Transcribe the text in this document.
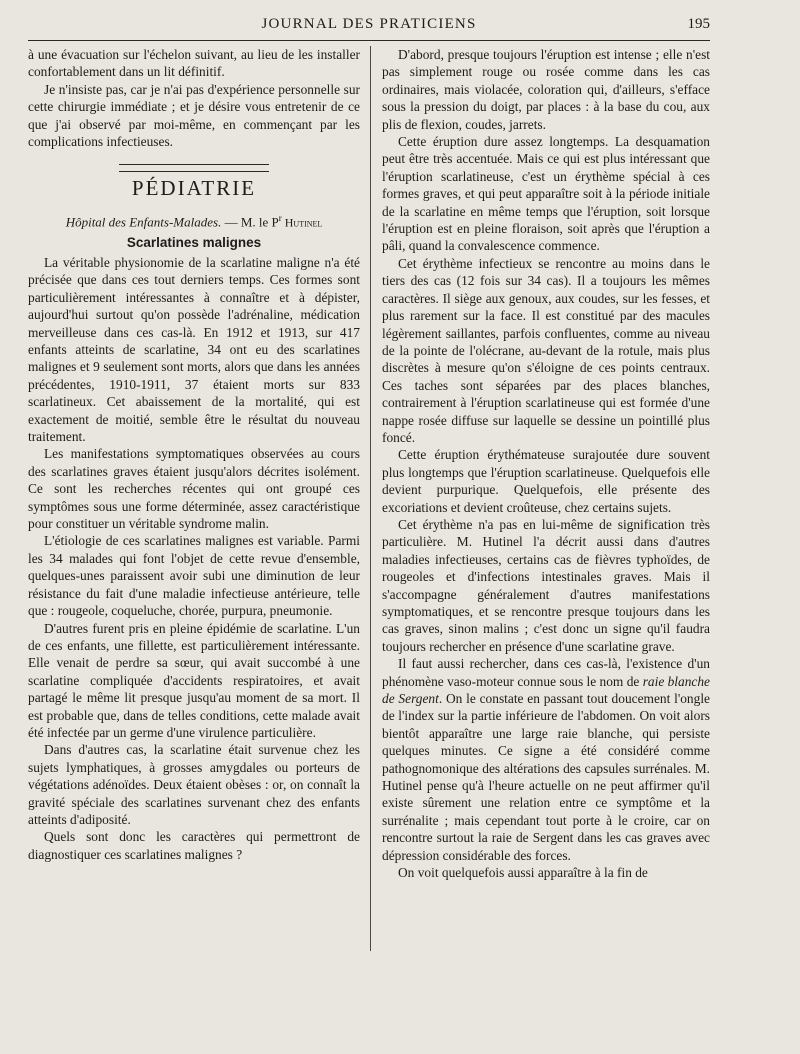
JOURNAL DES PRATICIENS	195

à une évacuation sur l'échelon suivant, au lieu de les installer confortablement dans un lit définitif.

Je n'insiste pas, car je n'ai pas d'expérience personnelle sur cette chirurgie immédiate ; et je désire vous entretenir de ce que j'ai observé par moi-même, en commençant par les complications infectieuses.

PÉDIATRIE
Hôpital des Enfants-Malades. — M. le $P^r$ Hutinel
Scarlatines malignes

La véritable physionomie de la scarlatine maligne n'a été précisée que dans ces tout derniers temps. Ces formes sont particulièrement intéressantes à connaître et à dépister, aujourd'hui surtout qu'on possède l'adrénaline, médication merveilleuse dans ces cas-là. En 1912 et 1913, sur 417 enfants atteints de scarlatine, 34 ont eu des scarlatines malignes et 9 seulement sont morts, alors que dans les années précédentes, 1910-1911, 37 étaient morts sur 833 scarlatineux. Cet abaissement de la mortalité, qui est exactement de moitié, semble être le résultat du nouveau traitement.

Les manifestations symptomatiques observées au cours des scarlatines graves étaient jusqu'alors décrites isolément. Ce sont les recherches récentes qui ont groupé ces symptômes sous une forme déterminée, assez caractéristique pour constituer un véritable syndrome malin.

L'étiologie de ces scarlatines malignes est variable. Parmi les 34 malades qui font l'objet de cette revue d'ensemble, quelques-unes paraissent avoir subi une diminution de leur résistance du fait d'une maladie infectieuse antérieure, telle que : rougeole, coqueluche, chorée, purpura, pneumonie.

D'autres furent pris en pleine épidémie de scarlatine. L'un de ces enfants, une fillette, est particulièrement intéressante. Elle venait de perdre sa sœur, qui avait succombé à une scarlatine compliquée d'accidents respiratoires, et avait partagé le même lit presque jusqu'au moment de sa mort. Il est probable que, dans de telles conditions, cette malade avait été infectée par un germe d'une virulence particulière.

Dans d'autres cas, la scarlatine était survenue chez les sujets lymphatiques, à grosses amygdales ou porteurs de végétations adénoïdes. Deux étaient obèses : or, on connaît la gravité spéciale des scarlatines survenant chez des enfants atteints d'adiposité.

Quels sont donc les caractères qui permettront de diagnostiquer ces scarlatines malignes ?

D'abord, presque toujours l'éruption est intense ; elle n'est pas simplement rouge ou rosée comme dans les cas ordinaires, mais violacée, coloration qui, d'ailleurs, s'efface sous la pression du doigt, par places : à la base du cou, aux plis de flexion, coudes, jarrets.

Cette éruption dure assez longtemps. La desquamation peut être très accentuée. Mais ce qui est plus intéressant que l'éruption scarlatineuse, c'est un érythème spécial à ces formes graves, et qui peut apparaître soit à la période initiale de la scarlatine en même temps que l'éruption, soit lorsque l'éruption est en pleine floraison, soit après que l'éruption a pâli, quand la convalescence commence.

Cet érythème infectieux se rencontre au moins dans le tiers des cas (12 fois sur 34 cas). Il a toujours les mêmes caractères. Il siège aux genoux, aux coudes, sur les fesses, et plus rarement sur la face. Il est constitué par des macules légèrement saillantes, parfois confluentes, comme au niveau de la pointe de l'olécrane, au-devant de la rotule, mais plus discrètes à mesure qu'on s'éloigne de ces points centraux. Ces taches sont séparées par des places blanches, contrairement à l'éruption scarlatineuse qui est formée d'une nappe rosée diffuse sur laquelle se dessine un pointillé plus foncé.

Cette éruption érythémateuse surajoutée dure souvent plus longtemps que l'éruption scarlatineuse. Quelquefois elle devient purpurique. Quelquefois, elle présente des excoriations et devient croûteuse, chez certains sujets.

Cet érythème n'a pas en lui-même de signification très particulière. M. Hutinel l'a décrit aussi dans d'autres maladies infectieuses, certains cas de fièvres typhoïdes, de rougeoles et d'infections intestinales graves. Mais il s'accompagne généralement d'autres manifestations symptomatiques, et se rencontre presque toujours dans les cas graves, sinon malins ; c'est donc un signe qu'il faudra toujours rechercher en présence d'une scarlatine grave.

Il faut aussi rechercher, dans ces cas-là, l'existence d'un phénomène vaso-moteur connue sous le nom de raie blanche de Sergent. On le constate en passant tout doucement l'ongle de l'index sur la partie inférieure de l'abdomen. On voit alors bientôt apparaître une large raie blanche, qui persiste quelques minutes. Ce signe a été considéré comme pathognomonique des altérations des capsules surrénales. M. Hutinel pense qu'à l'heure actuelle on ne peut affirmer qu'il existe sûrement une relation entre ce symptôme et la surrénalite ; mais cependant tout porte à le croire, car on rencontre surtout la raie de Sergent dans les cas graves avec dépression considérable des forces.

On voit quelquefois aussi apparaître à la fin de
